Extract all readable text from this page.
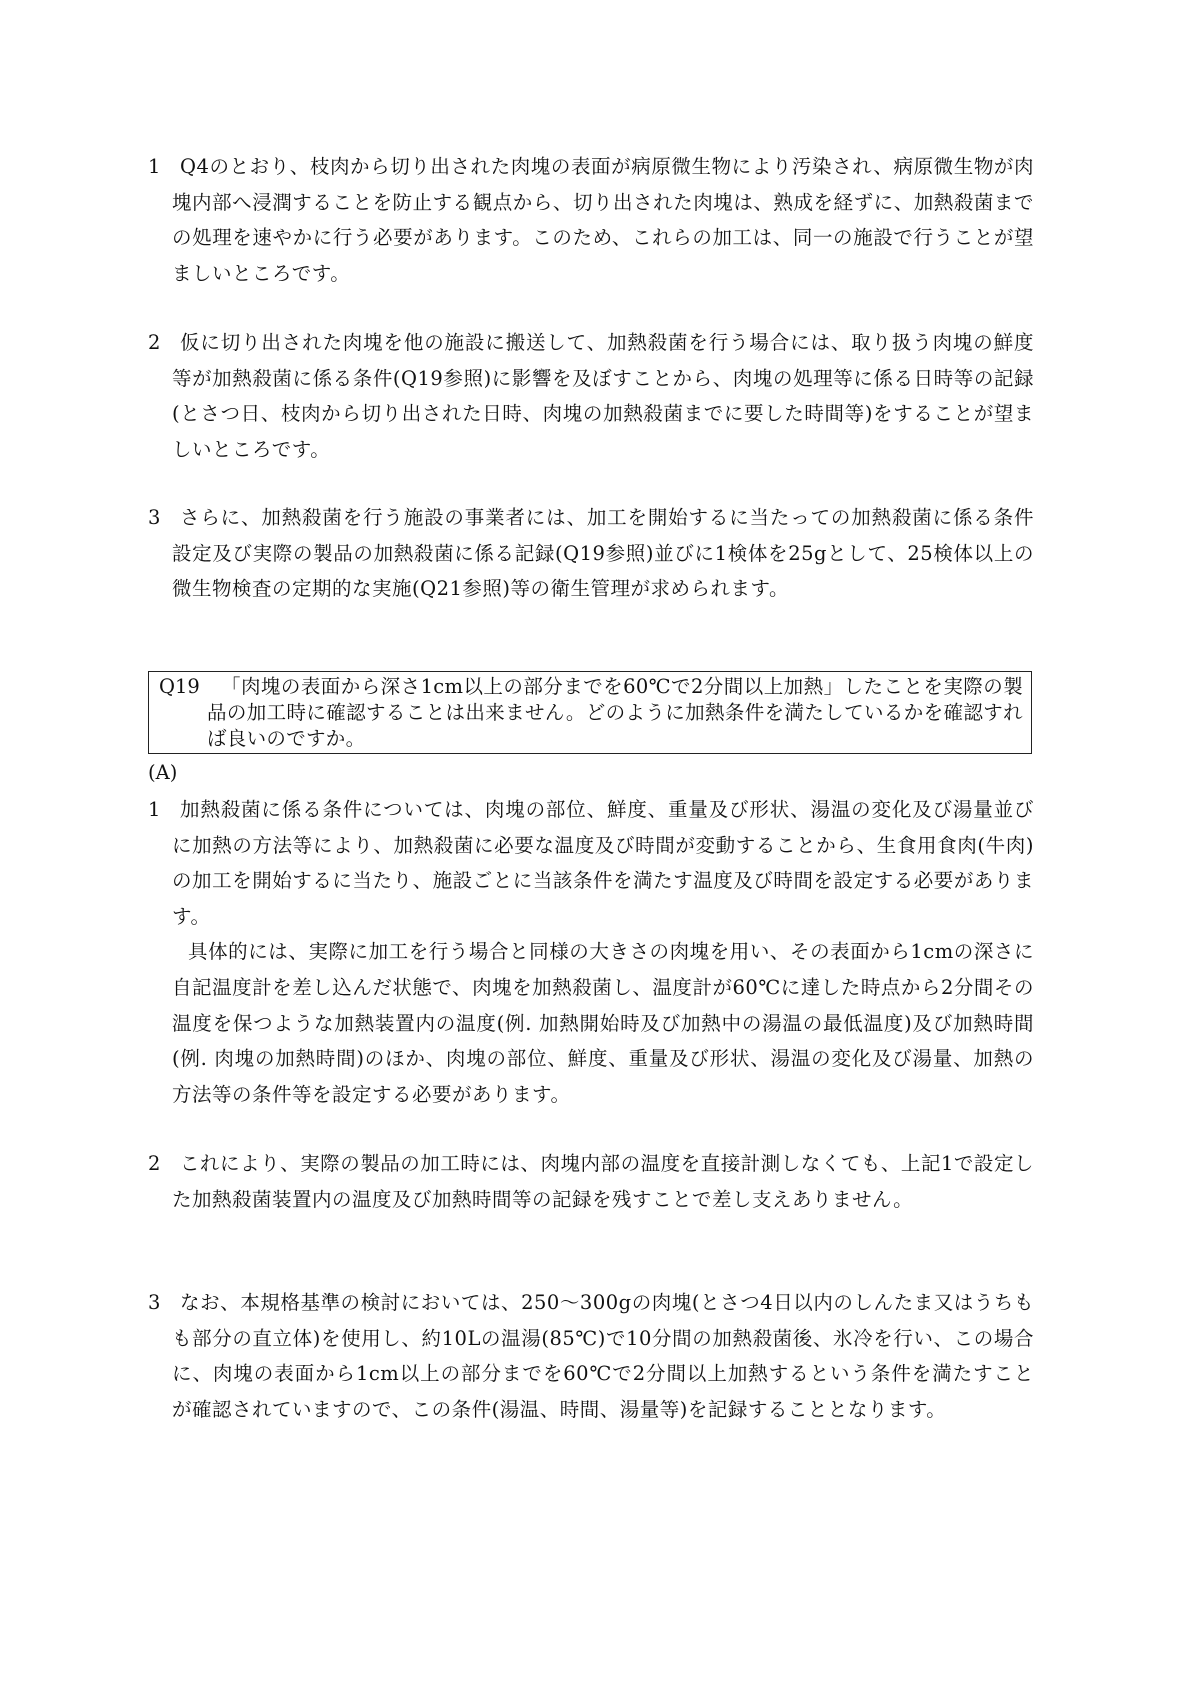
1 Q4のとおり、枝肉から切り出された肉塊の表面が病原微生物により汚染され、病原微生物が肉塊内部へ浸潤することを防止する観点から、切り出された肉塊は、熟成を経ずに、加熱殺菌までの処理を速やかに行う必要があります。このため、これらの加工は、同一の施設で行うことが望ましいところです。
2 仮に切り出された肉塊を他の施設に搬送して、加熱殺菌を行う場合には、取り扱う肉塊の鮮度等が加熱殺菌に係る条件(Q19参照)に影響を及ぼすことから、肉塊の処理等に係る日時等の記録(とさつ日、枝肉から切り出された日時、肉塊の加熱殺菌までに要した時間等)をすることが望ましいところです。
3 さらに、加熱殺菌を行う施設の事業者には、加工を開始するに当たっての加熱殺菌に係る条件設定及び実際の製品の加熱殺菌に係る記録(Q19参照)並びに1検体を25gとして、25検体以上の微生物検査の定期的な実施(Q21参照)等の衛生管理が求められます。
Q19	「肉塊の表面から深さ1cm以上の部分までを60℃で2分間以上加熱」したことを実際の製品の加工時に確認することは出来ません。どのように加熱条件を満たしているかを確認すれば良いのですか。
(A)
1 加熱殺菌に係る条件については、肉塊の部位、鮮度、重量及び形状、湯温の変化及び湯量並びに加熱の方法等により、加熱殺菌に必要な温度及び時間が変動することから、生食用食肉(牛肉)の加工を開始するに当たり、施設ごとに当該条件を満たす温度及び時間を設定する必要があります。
具体的には、実際に加工を行う場合と同様の大きさの肉塊を用い、その表面から1cmの深さに自記温度計を差し込んだ状態で、肉塊を加熱殺菌し、温度計が60℃に達した時点から2分間その温度を保つような加熱装置内の温度(例. 加熱開始時及び加熱中の湯温の最低温度)及び加熱時間(例. 肉塊の加熱時間)のほか、肉塊の部位、鮮度、重量及び形状、湯温の変化及び湯量、加熱の方法等の条件等を設定する必要があります。
2 これにより、実際の製品の加工時には、肉塊内部の温度を直接計測しなくても、上記1で設定した加熱殺菌装置内の温度及び加熱時間等の記録を残すことで差し支えありません。
3 なお、本規格基準の検討においては、250～300gの肉塊(とさつ4日以内のしんたま又はうちもも部分の直立体)を使用し、約10Lの温湯(85℃)で10分間の加熱殺菌後、氷冷を行い、この場合に、肉塊の表面から1cm以上の部分までを60℃で2分間以上加熱するという条件を満たすことが確認されていますので、この条件(湯温、時間、湯量等)を記録することとなります。
